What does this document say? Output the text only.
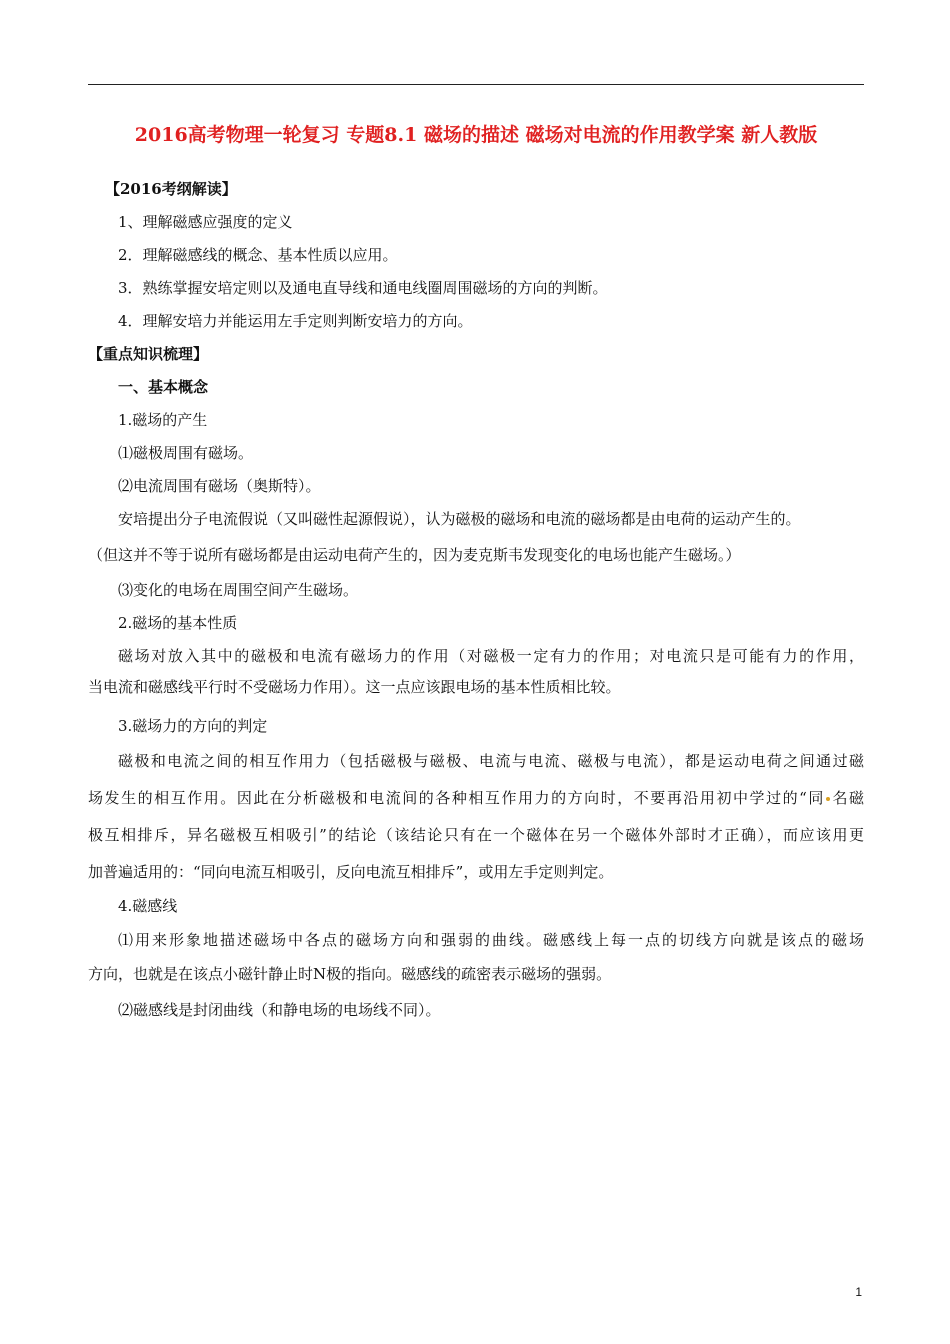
2016高考物理一轮复习 专题8.1 磁场的描述 磁场对电流的作用教学案 新人教版

【2016考纲解读】

1、理解磁感应强度的定义

2．理解磁感线的概念、基本性质以应用。

3．熟练掌握安培定则以及通电直导线和通电线圈周围磁场的方向的判断。

4．理解安培力并能运用左手定则判断安培力的方向。

【重点知识梳理】

一、基本概念

1.磁场的产生

⑴磁极周围有磁场。

⑵电流周围有磁场（奥斯特）。

安培提出分子电流假说（又叫磁性起源假说），认为磁极的磁场和电流的磁场都是由电荷的运动产生的。

（但这并不等于说所有磁场都是由运动电荷产生的，因为麦克斯韦发现变化的电场也能产生磁场。）

⑶变化的电场在周围空间产生磁场。

2.磁场的基本性质

磁场对放入其中的磁极和电流有磁场力的作用（对磁极一定有力的作用；对电流只是可能有力的作用，
当电流和磁感线平行时不受磁场力作用）。这一点应该跟电场的基本性质相比较。

3.磁场力的方向的判定

磁极和电流之间的相互作用力（包括磁极与磁极、电流与电流、磁极与电流），都是运动电荷之间通过磁
场发生的相互作用。因此在分析磁极和电流间的各种相互作用力的方向时，不要再沿用初中学过的“同 名磁
极互相排斥，异名磁极互相吸引”的结论（该结论只有在一个磁体在另一个磁体外部时才正确），而应该用更
加普遍适用的：“同向电流互相吸引，反向电流互相排斥”，或用左手定则判定。

4.磁感线

⑴用来形象地描述磁场中各点的磁场方向和强弱的曲线。磁感线上每一点的切线方向就是该点的磁场
方向，也就是在该点小磁针静止时N极的指向。磁感线的疏密表示磁场的强弱。

⑵磁感线是封闭曲线（和静电场的电场线不同）。

1
